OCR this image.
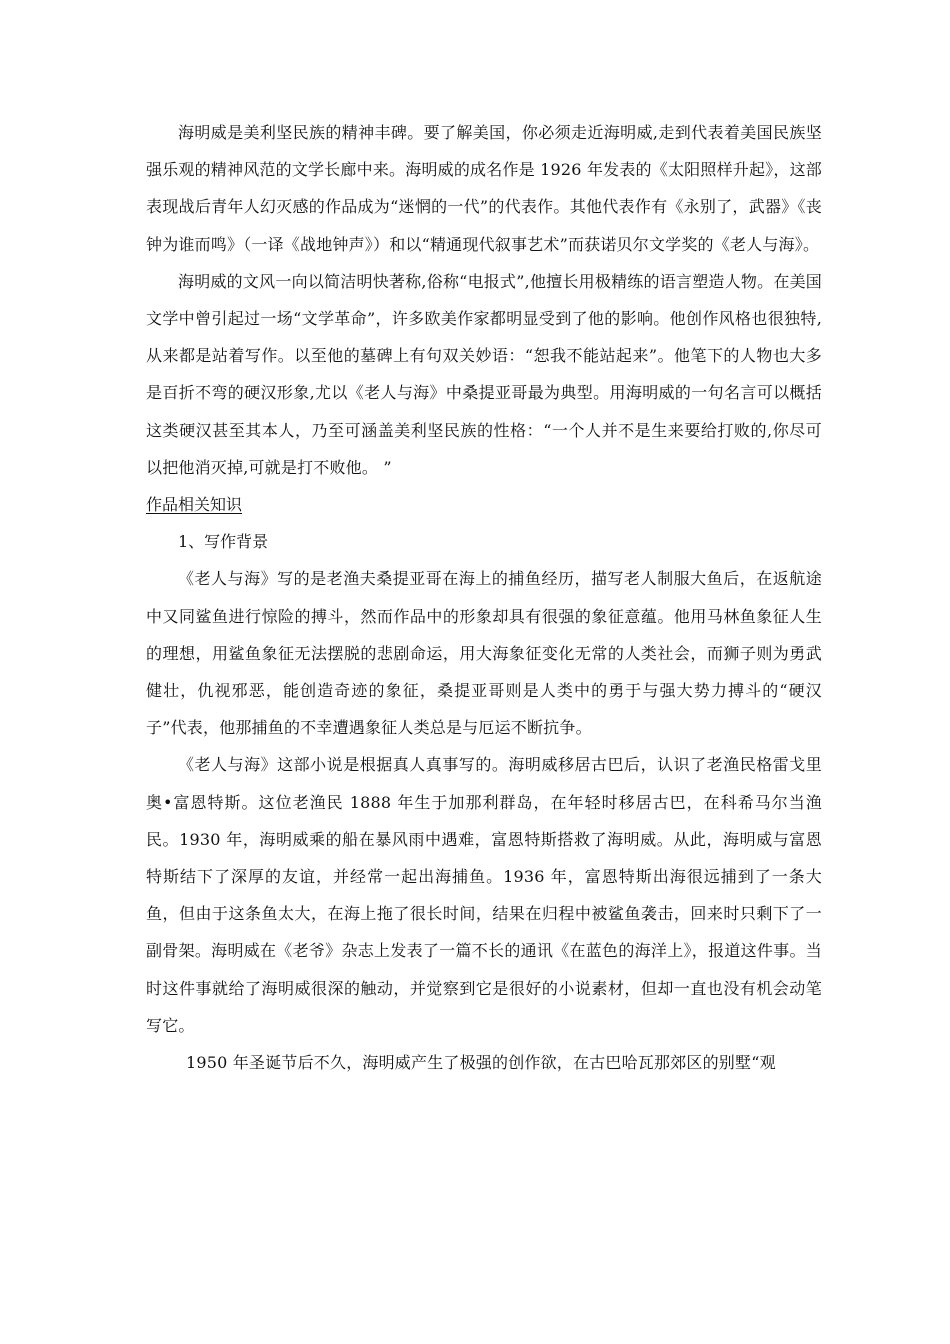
海明威是美利坚民族的精神丰碑。要了解美国，你必须走近海明威,走到代表着美国民族坚强乐观的精神风范的文学长廊中来。海明威的成名作是 1926 年发表的《太阳照样升起》，这部表现战后青年人幻灭感的作品成为“迷惘的一代”的代表作。其他代表作有《永别了，武器》《丧钟为谁而鸣》（一译《战地钟声》）和以“精通现代叙事艺术”而获诺贝尔文学奖的《老人与海》。

海明威的文风一向以简洁明快著称,俗称“电报式”,他擅长用极精练的语言塑造人物。在美国文学中曾引起过一场“文学革命”，许多欧美作家都明显受到了他的影响。他创作风格也很独特,从来都是站着写作。以至他的墓碑上有句双关妙语：“恕我不能站起来”。他笔下的人物也大多是百折不弯的硬汉形象,尤以《老人与海》中桑提亚哥最为典型。用海明威的一句名言可以概括这类硬汉甚至其本人，乃至可涵盖美利坚民族的性格：“一个人并不是生来要给打败的,你尽可以把他消灭掉,可就是打不败他。 ”

作品相关知识

1、写作背景

《老人与海》写的是老渔夫桑提亚哥在海上的捕鱼经历，描写老人制服大鱼后，在返航途中又同鲨鱼进行惊险的搏斗，然而作品中的形象却具有很强的象征意蕴。他用马林鱼象征人生的理想，用鲨鱼象征无法摆脱的悲剧命运，用大海象征变化无常的人类社会，而狮子则为勇武健壮，仇视邪恶，能创造奇迹的象征，桑提亚哥则是人类中的勇于与强大势力搏斗的“硬汉子”代表，他那捕鱼的不幸遭遇象征人类总是与厄运不断抗争。

《老人与海》这部小说是根据真人真事写的。海明威移居古巴后，认识了老渔民格雷戈里奥•富恩特斯。这位老渔民 1888 年生于加那利群岛，在年轻时移居古巴，在科希马尔当渔民。1930 年，海明威乘的船在暴风雨中遇难，富恩特斯搭救了海明威。从此，海明威与富恩特斯结下了深厚的友谊，并经常一起出海捕鱼。1936 年，富恩特斯出海很远捕到了一条大鱼，但由于这条鱼太大，在海上拖了很长时间，结果在归程中被鲨鱼袭击，回来时只剩下了一副骨架。海明威在《老爷》杂志上发表了一篇不长的通讯《在蓝色的海洋上》，报道这件事。当时这件事就给了海明威很深的触动，并觉察到它是很好的小说素材，但却一直也没有机会动笔写它。

1950 年圣诞节后不久，海明威产生了极强的创作欲，在古巴哈瓦那郊区的别墅“观
